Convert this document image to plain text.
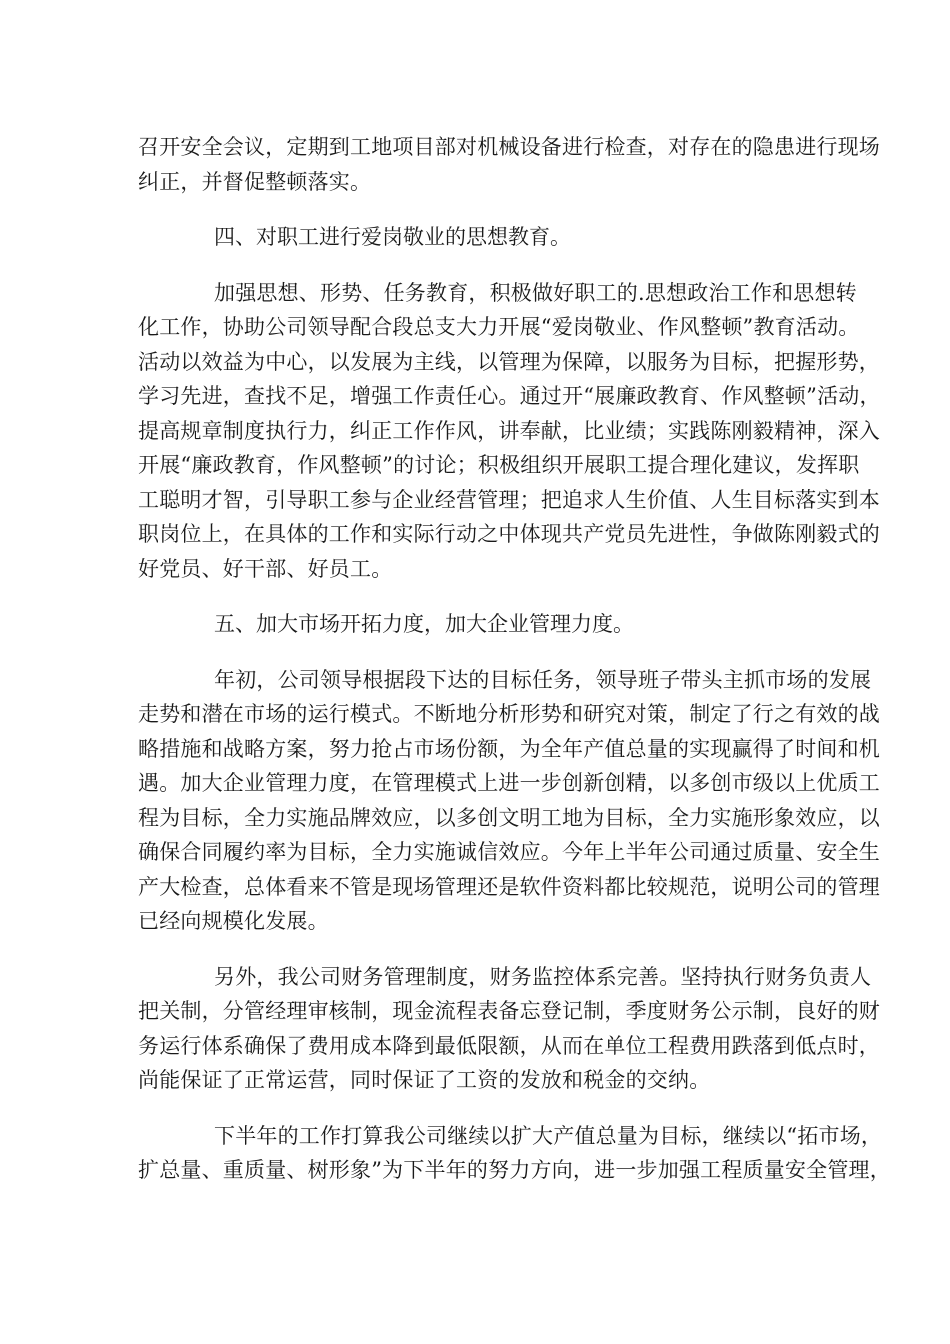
召开安全会议，定期到工地项目部对机械设备进行检查，对存在的隐患进行现场
纠正，并督促整顿落实。

四、对职工进行爱岗敬业的思想教育。

加强思想、形势、任务教育，积极做好职工的.思想政治工作和思想转
化工作，协助公司领导配合段总支大力开展“爱岗敬业、作风整顿”教育活动。
活动以效益为中心，以发展为主线，以管理为保障，以服务为目标，把握形势，
学习先进，查找不足，增强工作责任心。通过开“展廉政教育、作风整顿”活动，
提高规章制度执行力，纠正工作作风，讲奉献，比业绩；实践陈刚毅精神，深入
开展“廉政教育，作风整顿”的讨论；积极组织开展职工提合理化建议，发挥职
工聪明才智，引导职工参与企业经营管理；把追求人生价值、人生目标落实到本
职岗位上，在具体的工作和实际行动之中体现共产党员先进性，争做陈刚毅式的
好党员、好干部、好员工。

五、加大市场开拓力度，加大企业管理力度。

年初，公司领导根据段下达的目标任务，领导班子带头主抓市场的发展
走势和潜在市场的运行模式。不断地分析形势和研究对策，制定了行之有效的战
略措施和战略方案，努力抢占市场份额，为全年产值总量的实现赢得了时间和机
遇。加大企业管理力度，在管理模式上进一步创新创精，以多创市级以上优质工
程为目标，全力实施品牌效应，以多创文明工地为目标，全力实施形象效应，以
确保合同履约率为目标，全力实施诚信效应。今年上半年公司通过质量、安全生
产大检查，总体看来不管是现场管理还是软件资料都比较规范，说明公司的管理
已经向规模化发展。

另外，我公司财务管理制度，财务监控体系完善。坚持执行财务负责人
把关制，分管经理审核制，现金流程表备忘登记制，季度财务公示制，良好的财
务运行体系确保了费用成本降到最低限额，从而在单位工程费用跌落到低点时，
尚能保证了正常运营，同时保证了工资的发放和税金的交纳。

下半年的工作打算我公司继续以扩大产值总量为目标，继续以“拓市场，
扩总量、重质量、树形象”为下半年的努力方向，进一步加强工程质量安全管理，
